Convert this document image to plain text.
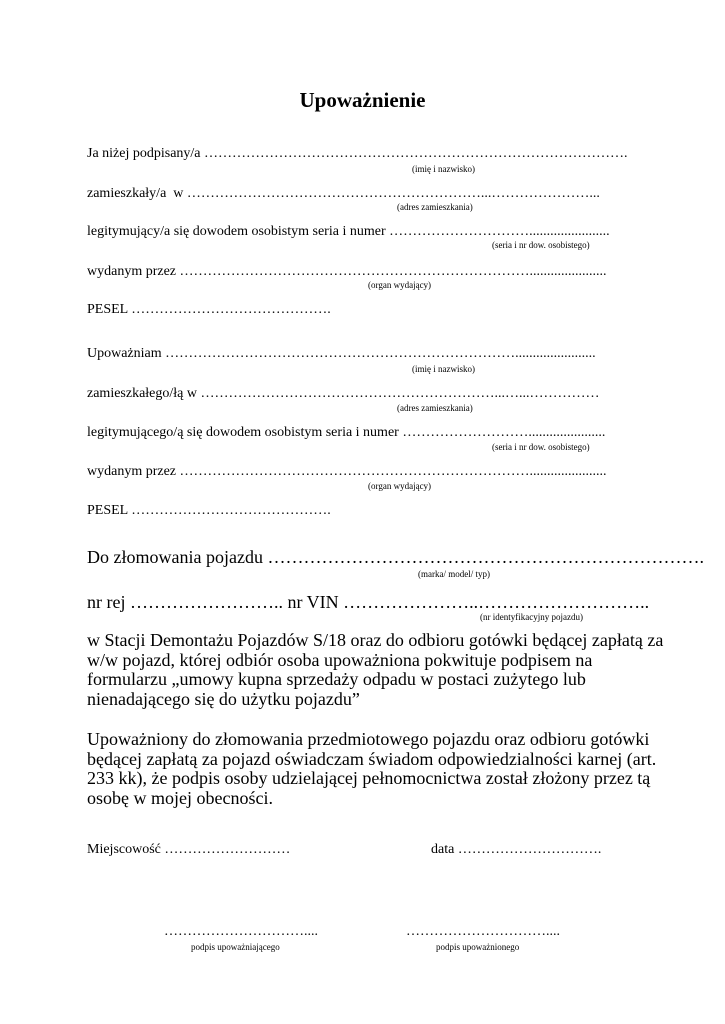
Upoważnienie
Ja niżej podpisany/a ……………………………………………………………………………….
(imię i nazwisko)
zamieszkały/a  w ………………………………………………………...…………………...
(adres zamieszkania)
legitymujący/a się dowodem osobistym seria i numer ………………………….......................
(seria i nr dow. osobistego)
wydanym przez …………………………………………………………………......................
(organ wydający)
PESEL …………………………………….
Upoważniam ………………………………………………………………….......................
(imię i nazwisko)
zamieszkałego/łą w ………………………………………………………...…...……………
(adres zamieszkania)
legitymującego/ą się dowodem osobistym seria i numer ………………………......................
(seria i nr dow. osobistego)
wydanym przez …………………………………………………………………......................
(organ wydający)
PESEL …………………………………….
Do złomowania pojazdu ……………………………………………………………….
(marka/ model/ typ)
nr rej …………………….. nr VIN …………………..………………………..
(nr identyfikacyjny pojazdu)
w Stacji Demontażu Pojazdów S/18 oraz do odbioru gotówki będącej zapłatą za w/w pojazd, której odbiór osoba upoważniona pokwituje podpisem na formularzu „umowy kupna sprzedaży odpadu w postaci zużytego lub nienadającego się do użytku pojazdu”
Upoważniony do złomowania przedmiotowego pojazdu oraz odbioru gotówki będącej zapłatą za pojazd oświadczam świadom odpowiedzialności karnej (art. 233 kk), że podpis osoby udzielającej pełnomocnictwa został złożony przez tą osobę w mojej obecności.
Miejscowość ………………………	data ………………………….
…………………………....
podpis upoważniającego
…………………………....
podpis upoważnionego
